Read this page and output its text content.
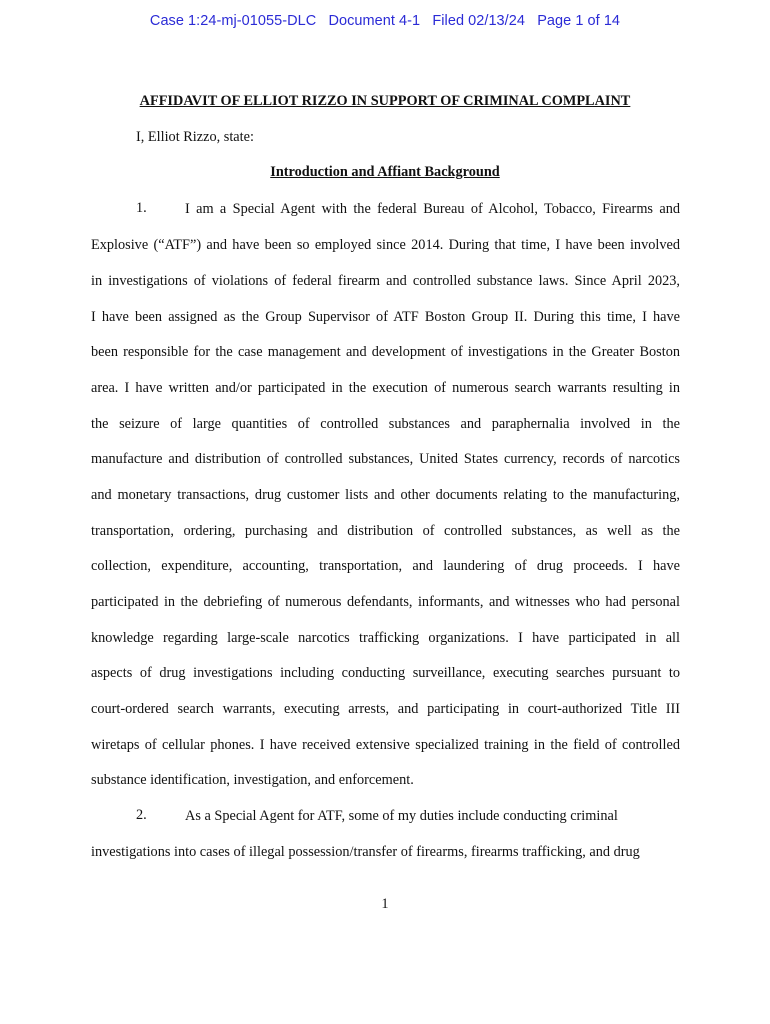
Case 1:24-mj-01055-DLC   Document 4-1   Filed 02/13/24   Page 1 of 14
AFFIDAVIT OF ELLIOT RIZZO IN SUPPORT OF CRIMINAL COMPLAINT
I, Elliot Rizzo, state:
Introduction and Affiant Background
1.	I am a Special Agent with the federal Bureau of Alcohol, Tobacco, Firearms and
Explosive (“ATF”) and have been so employed since 2014. During that time, I have been involved
in investigations of violations of federal firearm and controlled substance laws. Since April 2023,
I have been assigned as the Group Supervisor of ATF Boston Group II. During this time, I have
been responsible for the case management and development of investigations in the Greater Boston
area. I have written and/or participated in the execution of numerous search warrants resulting in
the seizure of large quantities of controlled substances and paraphernalia involved in the
manufacture and distribution of controlled substances, United States currency, records of narcotics
and monetary transactions, drug customer lists and other documents relating to the manufacturing,
transportation, ordering, purchasing and distribution of controlled substances, as well as the
collection, expenditure, accounting, transportation, and laundering of drug proceeds. I have
participated in the debriefing of numerous defendants, informants, and witnesses who had personal
knowledge regarding large-scale narcotics trafficking organizations. I have participated in all
aspects of drug investigations including conducting surveillance, executing searches pursuant to
court-ordered search warrants, executing arrests, and participating in court-authorized Title III
wiretaps of cellular phones. I have received extensive specialized training in the field of controlled
substance identification, investigation, and enforcement.
2.	As a Special Agent for ATF, some of my duties include conducting criminal
investigations into cases of illegal possession/transfer of firearms, firearms trafficking, and drug
1
